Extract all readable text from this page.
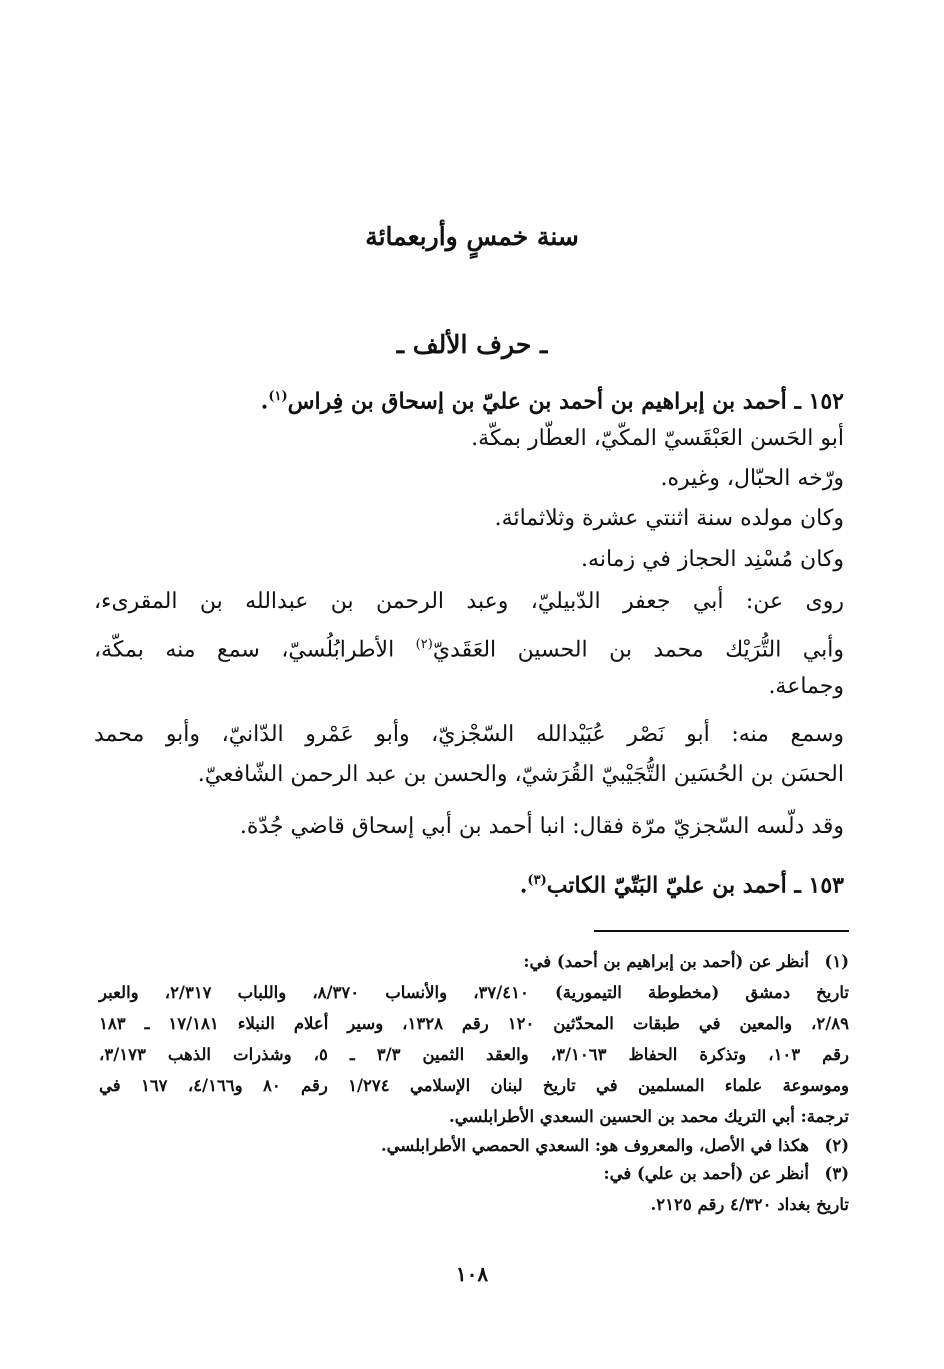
سنة خمسٍ وأربعمائة
ـ حرف الألف ـ
١٥٢ ـ أحمد بن إبراهيم بن أحمد بن عليّ بن إسحاق بن فِراس$^{(١)}$.
أبو الحَسن العَبْقَسيّ المكّيّ، العطّار بمكّة.
ورّخه الحبّال، وغيره.
وكان مولده سنة اثنتي عشرة وثلاثمائة.
وكان مُسْنِد الحجاز في زمانه.
روى عن: أبي جعفر الدّبيليّ، وعبد الرحمن بن عبدالله بن المقرىء،
وأبي التُّرَيْك محمد بن الحسين العَقَديّ$^{(٢)}$ الأطرابُلُسيّ، سمع منه بمكّة،
وجماعة.
وسمع منه: أبو نَصْر عُبَيْدالله السّجْزيّ، وأبو عَمْرو الدّانيّ، وأبو محمد
الحسَن بن الحُسَين التُّجَيْبيّ القُرَشيّ، والحسن بن عبد الرحمن الشّافعيّ.
وقد دلّسه السّجزيّ مرّة فقال: انبا أحمد بن أبي إسحاق قاضي جُدّة.
١٥٣ ـ أحمد بن عليّ البَتّيّ الكاتب$^{(٣)}$.
(١)أنظر عن (أحمد بن إبراهيم بن أحمد) في:
تاريخ دمشق (مخطوطة التيمورية) ٣٧/٤١٠، والأنساب ٨/٣٧٠، واللباب ٢/٣١٧، والعبر
٢/٨٩، والمعين في طبقات المحدّثين ١٢٠ رقم ١٣٢٨، وسير أعلام النبلاء ١٧/١٨١ ـ ١٨٣
رقم ١٠٣، وتذكرة الحفاظ ٣/١٠٦٣، والعقد الثمين ٣/٣ ـ ٥، وشذرات الذهب ٣/١٧٣،
وموسوعة علماء المسلمين في تاريخ لبنان الإسلامي ١/٢٧٤ رقم ٨٠ و٤/١٦٦، ١٦٧ في
ترجمة: أبي التريك محمد بن الحسين السعدي الأطرابلسي.
(٢)هكذا في الأصل، والمعروف هو: السعدي الحمصي الأطرابلسي.
(٣)أنظر عن (أحمد بن علي) في:
تاريخ بغداد ٤/٣٢٠ رقم ٢١٢٥.
١٠٨
